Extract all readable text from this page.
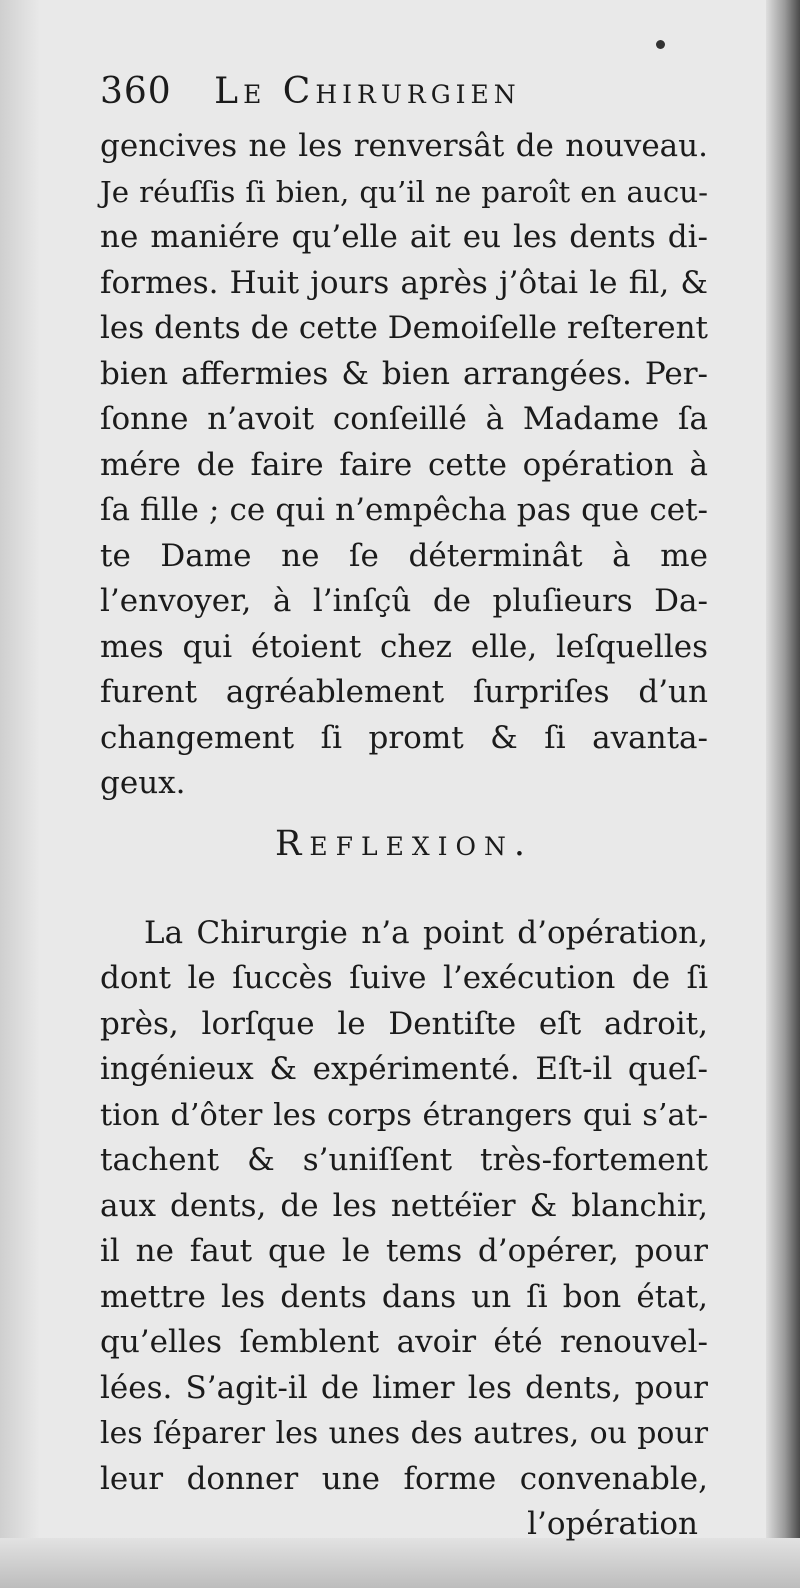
360 Le Chirurgien
gencives ne les renversât de nouveau.
Je réuſſis ſi bien, qu’il ne paroît en aucu-
ne maniére qu’elle ait eu les dents di-
formes. Huit jours après j’ôtai le fil, &
les dents de cette Demoiſelle reſterent
bien affermies & bien arrangées. Per-
ſonne n’avoit conſeillé à Madame ſa
mére de faire faire cette opération à
ſa fille ; ce qui n’empêcha pas que cet-
te Dame ne ſe déterminât à me
l’envoyer, à l’inſçû de pluſieurs Da-
mes qui étoient chez elle, leſquelles
furent agréablement ſurpriſes d’un
changement ſi promt & ſi avanta-
geux.
Reflexion.
La Chirurgie n’a point d’opération,
dont le ſuccès ſuive l’exécution de ſi
près, lorſque le Dentiſte eſt adroit,
ingénieux & expérimenté. Eſt-il queſ-
tion d’ôter les corps étrangers qui s’at-
tachent & s’uniſſent très-fortement
aux dents, de les nettéïer & blanchir,
il ne faut que le tems d’opérer, pour
mettre les dents dans un ſi bon état,
qu’elles ſemblent avoir été renouvel-
lées. S’agit-il de limer les dents, pour
les ſéparer les unes des autres, ou pour
leur donner une forme convenable,
l’opération
